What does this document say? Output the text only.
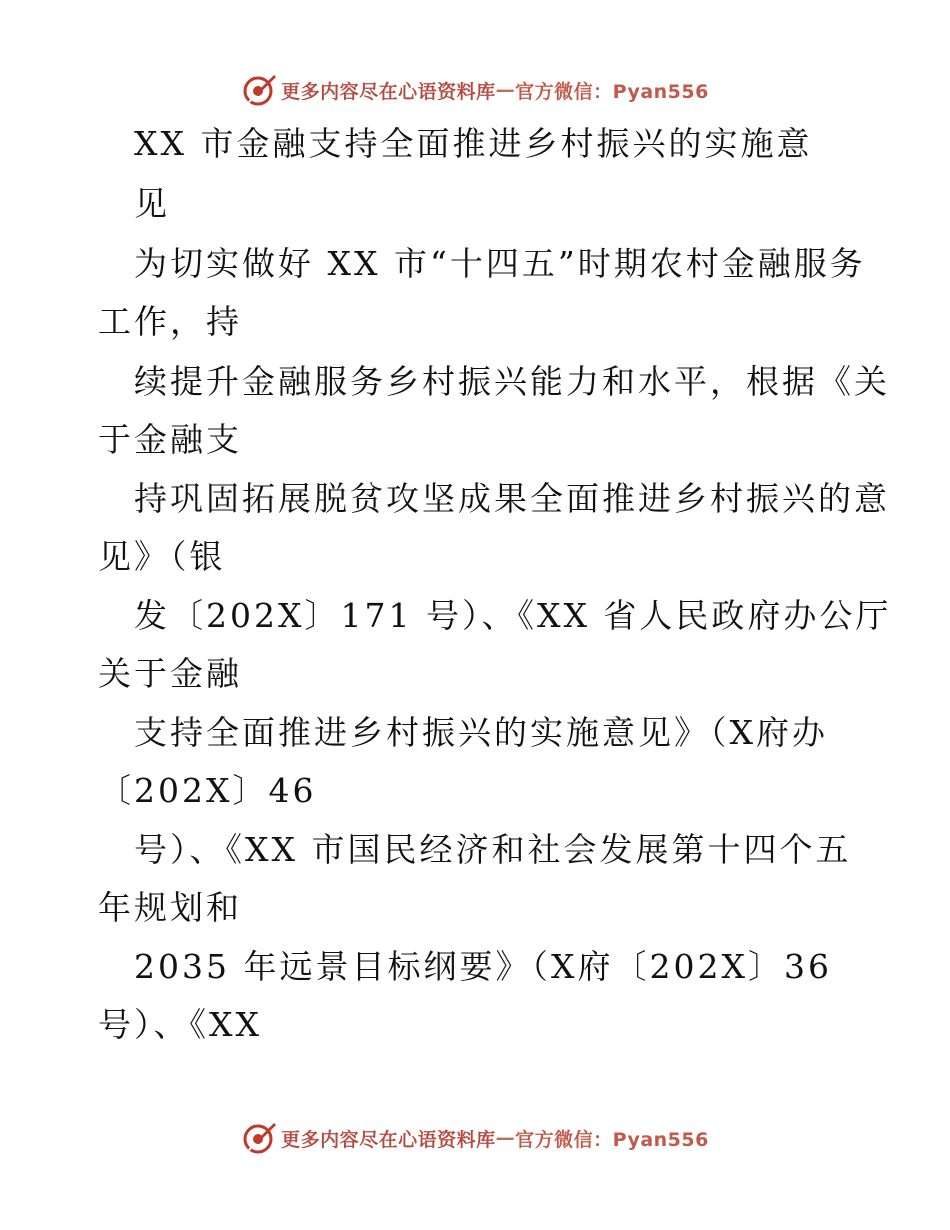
更多内容尽在心语资料库 — 官方微信：Pyan556
XX 市金融支持全面推进乡村振兴的实施意
见
为切实做好 XX 市“十四五”时期农村金融服务
工作，持
续提升金融服务乡村振兴能力和水平，根据《关
于金融支
持巩固拓展脱贫攻坚成果全面推进乡村振兴的意
见》（银
发〔202X〕171 号）、《XX 省人民政府办公厅
关于金融
支持全面推进乡村振兴的实施意见》（X府办
〔202X〕46
号）、《XX 市国民经济和社会发展第十四个五
年规划和
2035 年远景目标纲要》（X府〔202X〕36
号）、《XX
更多内容尽在心语资料库 — 官方微信：Pyan556
